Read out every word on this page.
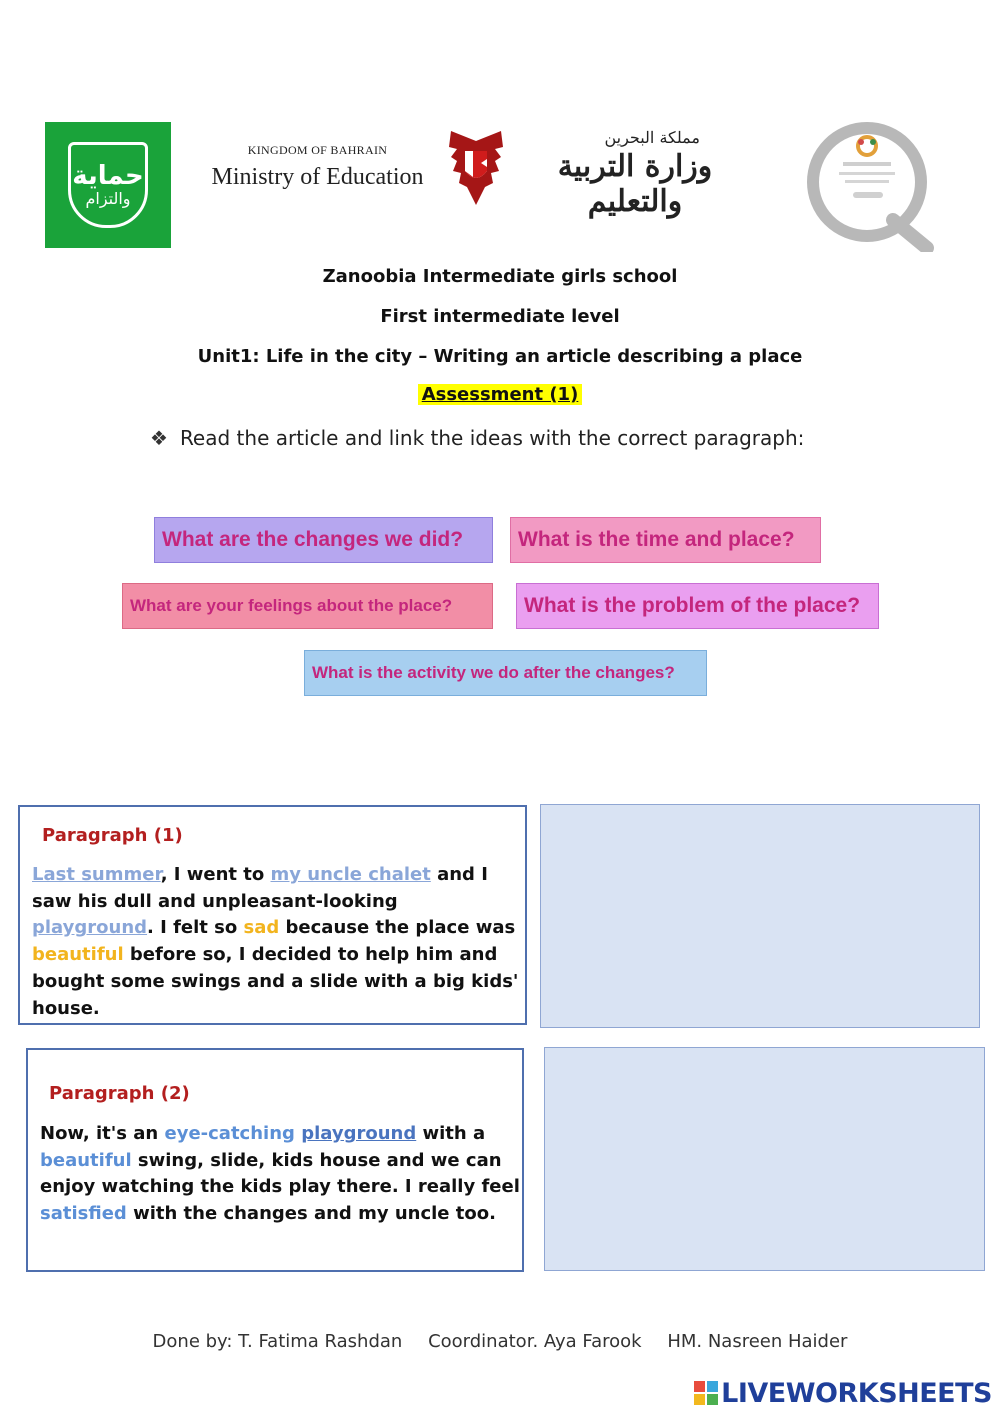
حماية
والتزام
KINGDOM OF BAHRAIN
Ministry of Education
مملكة البحرين
وزارة التربية والتعليم
Zanoobia Intermediate girls school
First intermediate level
Unit1: Life in the city – Writing an article describing a place
Assessment (1)
❖ Read the article and link the ideas with the correct paragraph:
What are the changes we did?	What is the time and place?
What are your feelings about the place?	What is the problem of the place?
What is the activity we do after the changes?
Paragraph (1)
Last summer, I went to my uncle chalet and I saw his dull and unpleasant-looking playground. I felt so sad because the place was beautiful before so, I decided to help him and bought some swings and a slide with a big kids' house.
Paragraph (2)
Now, it's an eye-catching playground with a beautiful swing, slide, kids house and we can enjoy watching the kids play there. I really feel satisfied with the changes and my uncle too.
Done by: T. Fatima Rashdan Coordinator. Aya Farook HM. Nasreen Haider
LIVEWORKSHEETS
